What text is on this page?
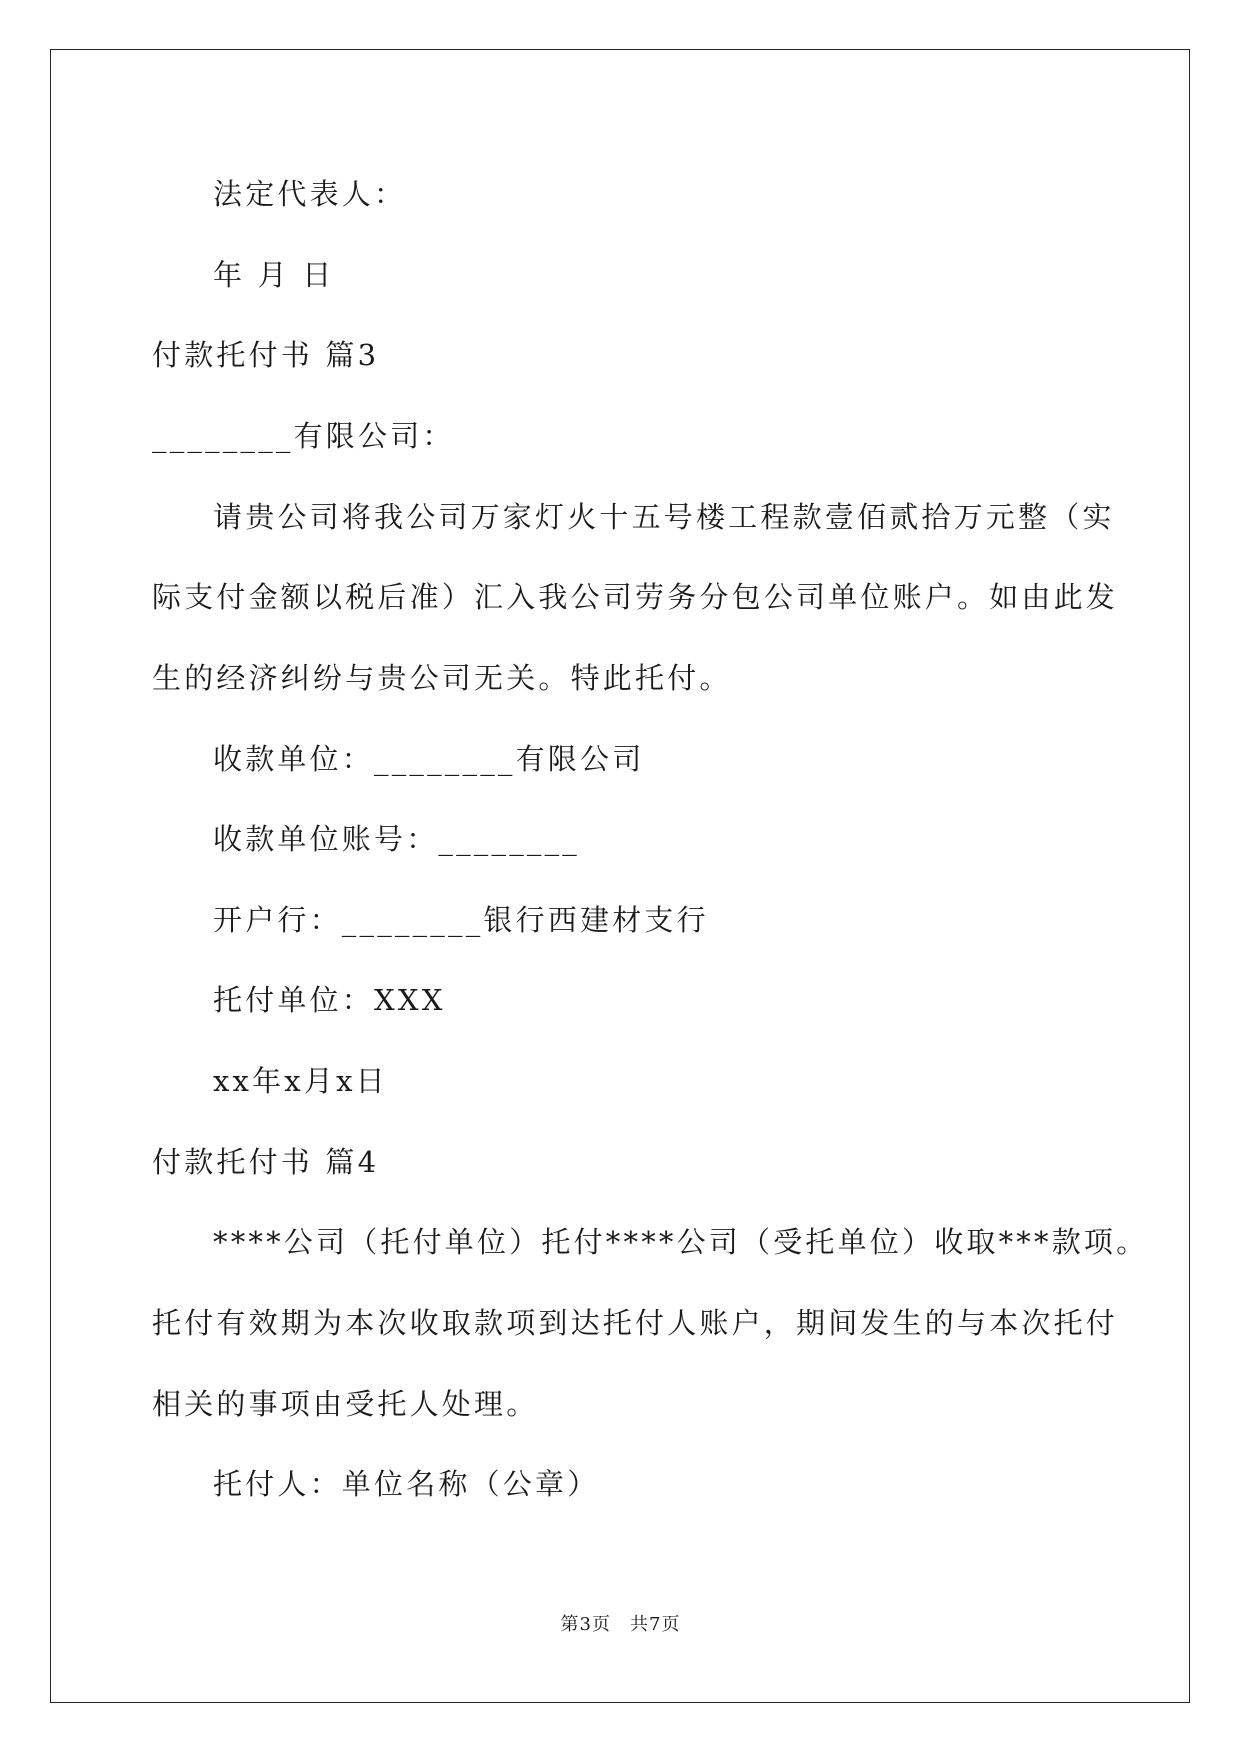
法定代表人：
年 月 日
付款托付书 篇3
________有限公司：
请贵公司将我公司万家灯火十五号楼工程款壹佰贰拾万元整（实
际支付金额以税后准）汇入我公司劳务分包公司单位账户。如由此发
生的经济纠纷与贵公司无关。特此托付。
收款单位：________有限公司
收款单位账号：________
开户行：________银行西建材支行
托付单位：XXX
xx年x月x日
付款托付书 篇4
****公司（托付单位）托付****公司（受托单位）收取***款项。
托付有效期为本次收取款项到达托付人账户，期间发生的与本次托付
相关的事项由受托人处理。
托付人：单位名称（公章）
第3页　共7页
